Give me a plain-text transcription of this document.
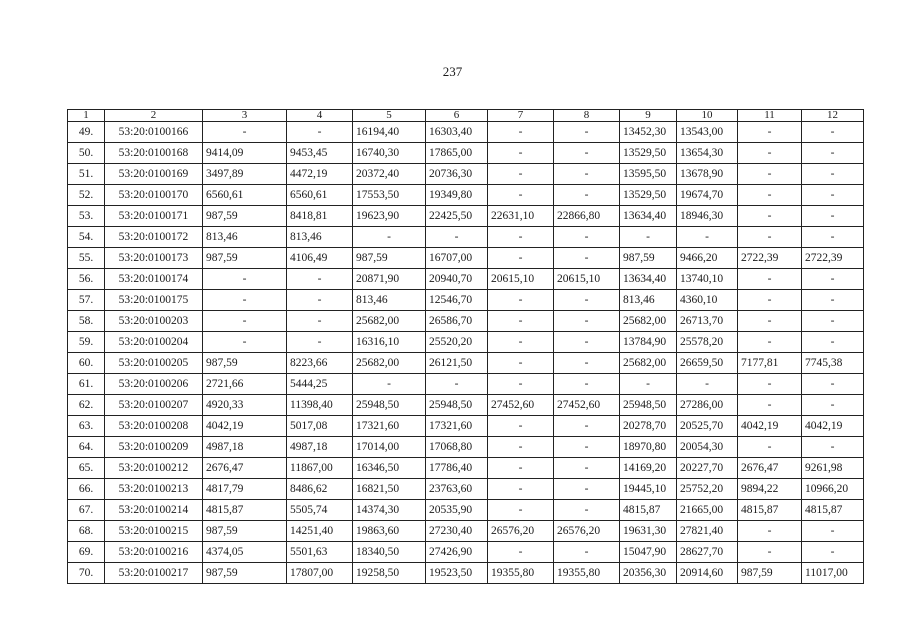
237
1	2	3	4	5	6	7	8	9	10	11	12
49.	53:20:0100166	-	-	16194,40	16303,40	-	-	13452,30	13543,00	-	-
50.	53:20:0100168	9414,09	9453,45	16740,30	17865,00	-	-	13529,50	13654,30	-	-
51.	53:20:0100169	3497,89	4472,19	20372,40	20736,30	-	-	13595,50	13678,90	-	-
52.	53:20:0100170	6560,61	6560,61	17553,50	19349,80	-	-	13529,50	19674,70	-	-
53.	53:20:0100171	987,59	8418,81	19623,90	22425,50	22631,10	22866,80	13634,40	18946,30	-	-
54.	53:20:0100172	813,46	813,46	-	-	-	-	-	-	-	-
55.	53:20:0100173	987,59	4106,49	987,59	16707,00	-	-	987,59	9466,20	2722,39	2722,39
56.	53:20:0100174	-	-	20871,90	20940,70	20615,10	20615,10	13634,40	13740,10	-	-
57.	53:20:0100175	-	-	813,46	12546,70	-	-	813,46	4360,10	-	-
58.	53:20:0100203	-	-	25682,00	26586,70	-	-	25682,00	26713,70	-	-
59.	53:20:0100204	-	-	16316,10	25520,20	-	-	13784,90	25578,20	-	-
60.	53:20:0100205	987,59	8223,66	25682,00	26121,50	-	-	25682,00	26659,50	7177,81	7745,38
61.	53:20:0100206	2721,66	5444,25	-	-	-	-	-	-	-	-
62.	53:20:0100207	4920,33	11398,40	25948,50	25948,50	27452,60	27452,60	25948,50	27286,00	-	-
63.	53:20:0100208	4042,19	5017,08	17321,60	17321,60	-	-	20278,70	20525,70	4042,19	4042,19
64.	53:20:0100209	4987,18	4987,18	17014,00	17068,80	-	-	18970,80	20054,30	-	-
65.	53:20:0100212	2676,47	11867,00	16346,50	17786,40	-	-	14169,20	20227,70	2676,47	9261,98
66.	53:20:0100213	4817,79	8486,62	16821,50	23763,60	-	-	19445,10	25752,20	9894,22	10966,20
67.	53:20:0100214	4815,87	5505,74	14374,30	20535,90	-	-	4815,87	21665,00	4815,87	4815,87
68.	53:20:0100215	987,59	14251,40	19863,60	27230,40	26576,20	26576,20	19631,30	27821,40	-	-
69.	53:20:0100216	4374,05	5501,63	18340,50	27426,90	-	-	15047,90	28627,70	-	-
70.	53:20:0100217	987,59	17807,00	19258,50	19523,50	19355,80	19355,80	20356,30	20914,60	987,59	11017,00
